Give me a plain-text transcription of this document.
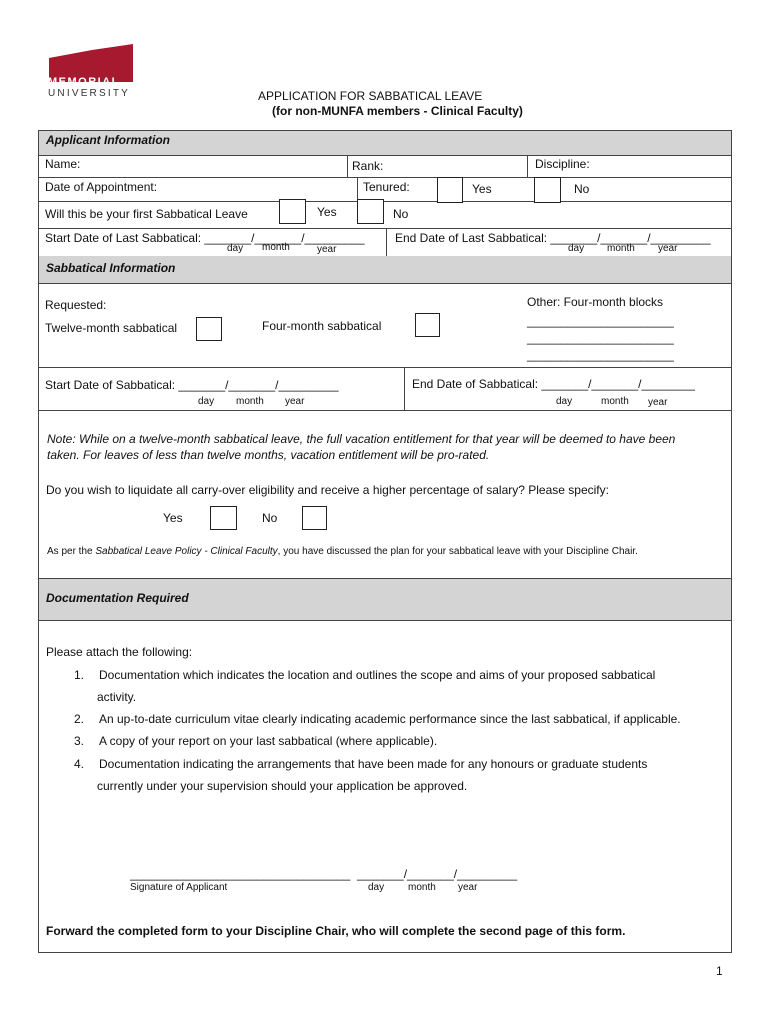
MEMORIAL
UNIVERSITY	APPLICATION FOR SABBATICAL LEAVE
(for non-MUNFA members - Clinical Faculty)
Applicant Information
Name:	Rank:	Discipline:
Date of Appointment:	Tenured:	Yes	No
Will this be your first Sabbatical Leave	Yes	No
Start Date of Last Sabbatical: _______/_______/_________
day month	year
End Date of Last Sabbatical: _______/_______/_________
day month year
Sabbatical Information
Requested:
Twelve-month sabbatical	Four-month sabbatical
Other: Four-month blocks
______________________
______________________
______________________
Start Date of Sabbatical: _______/_______/_________
day month year
End Date of Sabbatical: _______/_______/________
day	month year
Note: While on a twelve-month sabbatical leave, the full vacation entitlement for that year will be deemed to have been
taken. For leaves of less than twelve months, vacation entitlement will be pro-rated.
Do you wish to liquidate all carry-over eligibility and receive a higher percentage of salary? Please specify:
Yes	No
As per the Sabbatical Leave Policy - Clinical Faculty, you have discussed the plan for your sabbatical leave with your Discipline Chair.
Documentation Required
Please attach the following:
1. Documentation which indicates the location and outlines the scope and aims of your proposed sabbatical
activity.
2. An up-to-date curriculum vitae clearly indicating academic performance since the last sabbatical, if applicable.
3. A copy of your report on your last sabbatical (where applicable).
4. Documentation indicating the arrangements that have been made for any honours or graduate students
currently under your supervision should your application be approved.
_________________________________
Signature of Applicant
_______/_______/_________
day month year
Forward the completed form to your Discipline Chair, who will complete the second page of this form.
1
